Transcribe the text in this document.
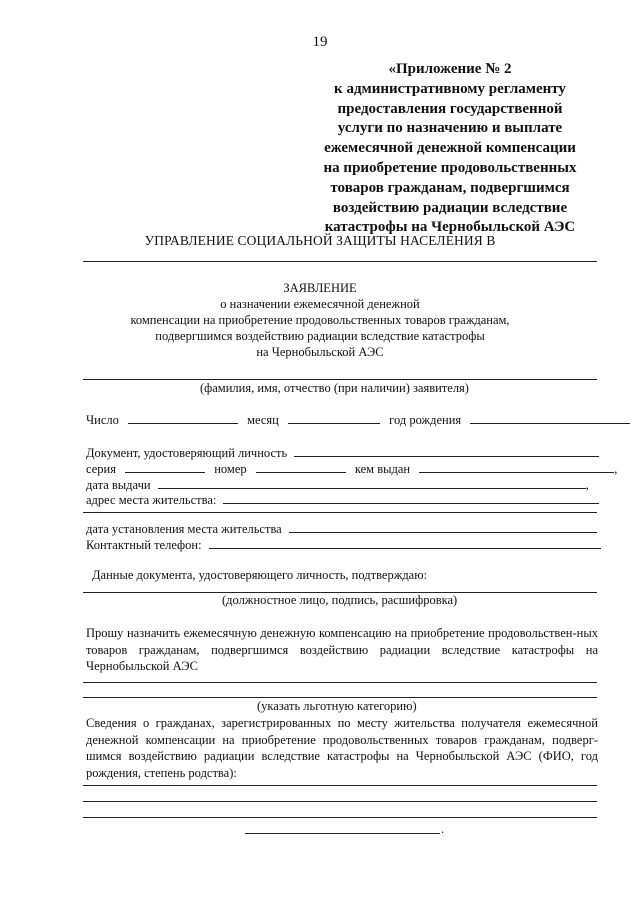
19
«Приложение № 2
к административному регламенту
предоставления государственной
услуги по назначению и выплате
ежемесячной денежной компенсации
на приобретение продовольственных
товаров гражданам, подвергшимся
воздействию радиации вследствие
катастрофы на Чернобыльской АЭС
УПРАВЛЕНИЕ СОЦИАЛЬНОЙ ЗАЩИТЫ НАСЕЛЕНИЯ В
ЗАЯВЛЕНИЕ
о назначении ежемесячной денежной
компенсации на приобретение продовольственных товаров гражданам,
подвергшимся воздействию радиации вследствие катастрофы
на Чернобыльской АЭС
(фамилия, имя, отчество (при наличии) заявителя)
Число	месяц	год рождения
Документ, удостоверяющий личность
серия	номер	кем выдан	,
дата выдачи	,
адрес места жительства:
дата установления места жительства
Контактный телефон:
Данные документа, удостоверяющего личность, подтверждаю:
(должностное лицо, подпись, расшифровка)
Прошу назначить ежемесячную денежную компенсацию на приобретение продовольствен-ных товаров гражданам, подвергшимся воздействию радиации вследствие катастрофы на Чернобыльской АЭС
(указать льготную категорию)
Сведения о гражданах, зарегистрированных по месту жительства получателя ежемесячной денежной компенсации на приобретение продовольственных товаров гражданам, подверг-шимся воздействию радиации вследствие катастрофы на Чернобыльской АЭС (ФИО, год рождения, степень родства):
.
